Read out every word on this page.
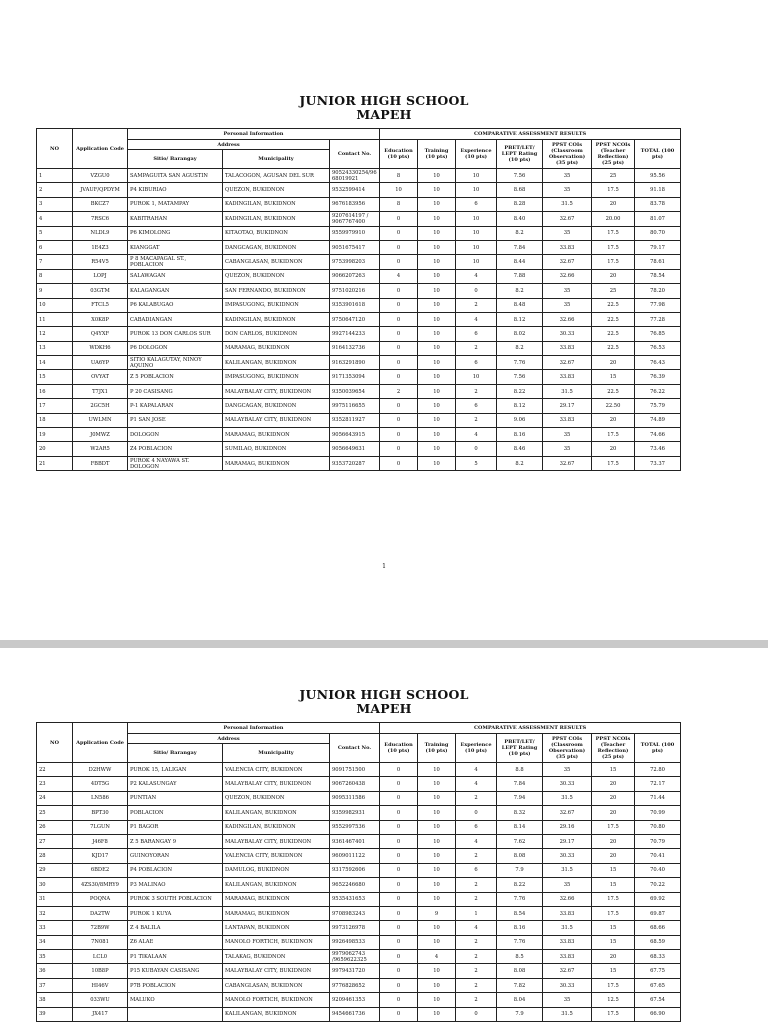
JUNIOR HIGH SCHOOL
MAPEH
NO	Application Code	Personal Information			COMPARATIVE ASSESSMENT RESULTS						
		Address		Contact No.	Education (10 pts)	Training (10 pts)	Experience (10 pts)	PBET/LET/ LEPT Rating (10 pts)	PPST COIs (Classroom Observation) (35 pts)	PPST NCOIs (Teacher Reflection) (25 pts)	TOTAL (100 pts)
		Sitio/ Barangay	Municipality								
1	VZGU0	SAMPAGUITA SAN AGUSTIN	TALACOGON, AGUSAN DEL SUR	90524330254/96 68019921	8	10	10	7.56	35	25	95.56
2	JVAUF/QPDYM	P4 KIBURIAO	QUEZON, BUKIDNON	9532599414	10	10	10	8.68	35	17.5	91.18
3	BKCZ7	PUROK 1, MATAMPAY	KADINGILAN, BUKIDNON	9676183956	8	10	6	8.28	31.5	20	83.78
4	7RSC6	KABITRAHAN	KADINGILAN, BUKIDNON	9207614197 / 9067767400	0	10	10	8.40	32.67	20.00	81.07
5	NLDL9	P6 KIMOLONG	KITAOTAO, BUKIDNON	9559979910	0	10	10	8.2	35	17.5	80.70
6	1E4Z3	KIANGGAT	DANGCAGAN, BUKIDNON	9051675417	0	10	10	7.84	33.83	17.5	79.17
7	R54V5	P 8 MACAPAGAL ST., POBLACION	CABANGLASAN, BUKIDNON	9753998203	0	10	10	8.44	32.67	17.5	78.61
8	LOPJ	SALAWAGAN	QUEZON, BUKIDNON	9066207263	4	10	4	7.88	32.66	20	78.54
9	03GTM	KALAGANGAN	SAN FERNANDO, BUKIDNON	9751020216	0	10	0	8.2	35	25	78.20
10	FTCL5	P6 KALABUGAO	IMPASUGONG, BUKIDNON	9353901618	0	10	2	8.48	35	22.5	77.98
11	X0K8P	CABADIANGAN	KADINGILAN, BUKIDNON	9750647120	0	10	4	8.12	32.66	22.5	77.28
12	Q4YXF	PUROK 13 DON CARLOS SUR	DON CARLOS, BUKIDNON	9927144233	0	10	6	8.02	30.33	22.5	76.85
13	WDKH6	P6 DOLOGON	MARAMAG, BUKIDNON	9164132736	0	10	2	8.2	33.83	22.5	76.53
14	UA6YP	SITIO KALAGUTAY, NINOY AQUINO	KALILANGAN, BUKIDNON	9163291890	0	10	6	7.76	32.67	20	76.43
15	OVYAT	Z 5 POBLACION	IMPASUGONG, BUKIDNON	9171353094	0	10	10	7.56	33.83	15	76.39
16	T7JX1	P 20 CASISANG	MALAYBALAY CITY, BUKIDNON	9350039654	2	10	2	8.22	31.5	22.5	76.22
17	2GC5H	P-1 KAPALARAN	DANGCAGAN, BUKIDNON	9975116655	0	10	6	8.12	29.17	22.50	75.79
18	UWLMN	P1 SAN JOSE	MALAYBALAY CITY, BUKIDNON	9352811927	0	10	2	9.06	33.83	20	74.89
19	J0MWZ	DOLOGON	MARAMAG, BUKIDNON	9056643915	0	10	4	8.16	35	17.5	74.66
20	W2AR5	Z4 POBLACION	SUMILAO, BUKIDNON	9056649631	0	10	0	8.46	35	20	73.46
21	FBBDT	PUROK 4 NAYAWA ST. DOLOGON	MARAMAG, BUKIDNON	9353720287	0	10	5	8.2	32.67	17.5	73.37
1
JUNIOR HIGH SCHOOL
MAPEH
NO	Application Code	Personal Information			COMPARATIVE ASSESSMENT RESULTS						
		Address		Contact No.	Education (10 pts)	Training (10 pts)	Experience (10 pts)	PBET/LET/ LEPT Rating (10 pts)	PPST COIs (Classroom Observation) (35 pts)	PPST NCOIs (Teacher Reflection) (25 pts)	TOTAL (100 pts)
		Sitio/ Barangay	Municipality								
22	D2HWW	PUROK 15, LALIGAN	VALENCIA CITY, BUKIDNON	9091751500	0	10	4	8.8	35	15	72.80
23	4DT5G	P2 KALASUNGAY	MALAYBALAY CITY, BUKIDNON	9067260438	0	10	4	7.84	30.33	20	72.17
24	LN586	PUNTIAN	QUEZON, BUKIDNON	9095311586	0	10	2	7.94	31.5	20	71.44
25	BPT30	POBLACION	KALILANGAN, BUKIDNON	9359982931	0	10	0	8.32	32.67	20	70.99
26	7LGUN	P1 BAGOR	KADINGILAN, BUKIDNON	9552997536	0	10	6	8.14	29.16	17.5	70.80
27	J46F8	Z 5 BARANGAY 9	MALAYBALAY CITY, BUKIDNON	9361467401	0	10	4	7.62	29.17	20	70.79
28	KJD17	GUINOYORAN	VALENCIA CITY, BUKIDNON	9609011122	0	10	2	8.08	30.33	20	70.41
29	6BDE2	P4 POBLACION	DAMULOG, BUKIDNON	9317592606	0	10	6	7.9	31.5	15	70.40
30	4ZS30/8MRY9	P3 MALINAO	KALILANGAN, BUKIDNON	9652246680	0	10	2	8.22	35	15	70.22
31	POQNA	PUROK 3 SOUTH POBLACION	MARAMAG, BUKIDNON	9535431653	0	10	2	7.76	32.66	17.5	69.92
32	DA2TW	PUROK 1 KUYA	MARAMAG, BUKIDNON	9708983243	0	9	1	8.54	33.83	17.5	69.87
33	72B9W	Z 4 BALILA	LANTAPAN, BUKIDNON	9973126978	0	10	4	8.16	31.5	15	68.66
34	7N081	Z6 ALAE	MANOLO FORTICH, BUKIDNON	9926498533	0	10	2	7.76	33.83	15	68.59
35	LCL0	P1 TIKALAAN	TALAKAG, BUKIDNON	9979062743 /9659622325	0	4	2	8.5	33.83	20	68.33
36	10B8P	P15 KUBAYAN CASISANG	MALAYBALAY CITY, BUKIDNON	9979431720	0	10	2	8.08	32.67	15	67.75
37	HI46V	P7B POBLACION	CABANGLASAN, BUKIDNON	9776828652	0	10	2	7.82	30.33	17.5	67.65
38	033WU	MALUKO	MANOLO FORTICH, BUKIDNON	9209461353	0	10	2	8.04	35	12.5	67.54
39	JX417		KALILANGAN, BUKIDNON	9454661736	0	10	0	7.9	31.5	17.5	66.90
